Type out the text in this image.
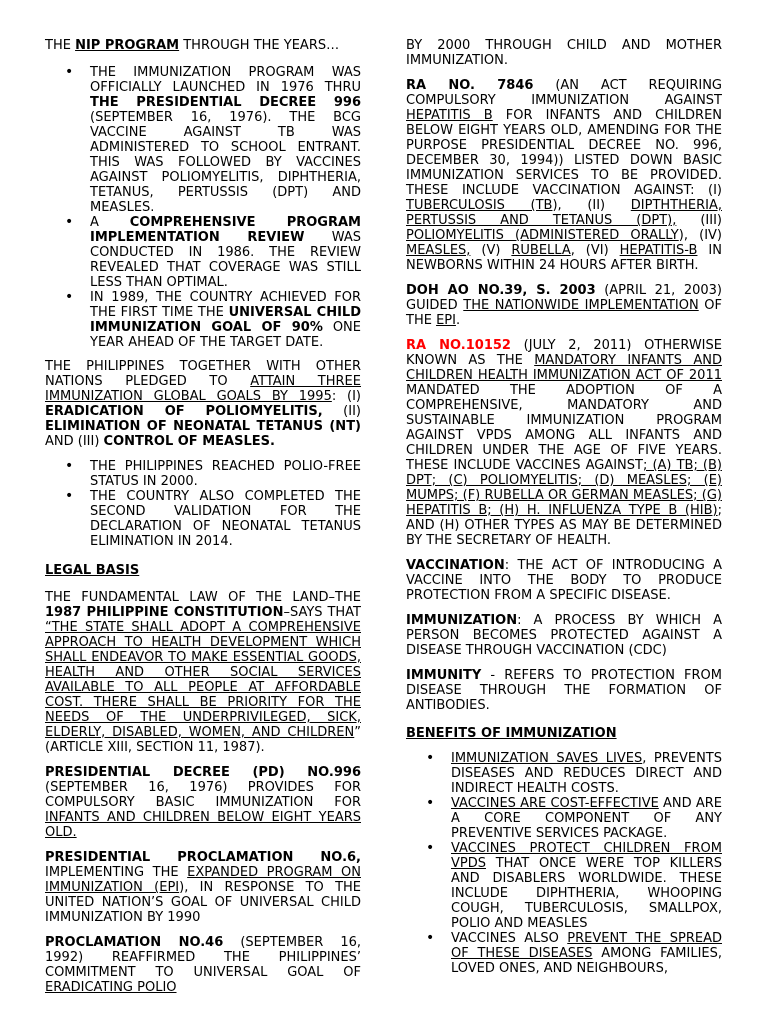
THE NIP PROGRAM THROUGH THE YEARS…

• THE IMMUNIZATION PROGRAM WAS OFFICIALLY LAUNCHED IN 1976 THRU THE PRESIDENTIAL DECREE 996 (SEPTEMBER 16, 1976). THE BCG VACCINE AGAINST TB WAS ADMINISTERED TO SCHOOL ENTRANT. THIS WAS FOLLOWED BY VACCINES AGAINST POLIOMYELITIS, DIPHTHERIA, TETANUS, PERTUSSIS (DPT) AND MEASLES.
• A COMPREHENSIVE PROGRAM IMPLEMENTATION REVIEW WAS CONDUCTED IN 1986. THE REVIEW REVEALED THAT COVERAGE WAS STILL LESS THAN OPTIMAL.
• IN 1989, THE COUNTRY ACHIEVED FOR THE FIRST TIME THE UNIVERSAL CHILD IMMUNIZATION GOAL OF 90% ONE YEAR AHEAD OF THE TARGET DATE.

THE PHILIPPINES TOGETHER WITH OTHER NATIONS PLEDGED TO ATTAIN THREE IMMUNIZATION GLOBAL GOALS BY 1995: (I) ERADICATION OF POLIOMYELITIS, (II) ELIMINATION OF NEONATAL TETANUS (NT) AND (III) CONTROL OF MEASLES.

• THE PHILIPPINES REACHED POLIO-FREE STATUS IN 2000.
• THE COUNTRY ALSO COMPLETED THE SECOND VALIDATION FOR THE DECLARATION OF NEONATAL TETANUS ELIMINATION IN 2014.

LEGAL BASIS

THE FUNDAMENTAL LAW OF THE LAND–THE 1987 PHILIPPINE CONSTITUTION–SAYS THAT “THE STATE SHALL ADOPT A COMPREHENSIVE APPROACH TO HEALTH DEVELOPMENT WHICH SHALL ENDEAVOR TO MAKE ESSENTIAL GOODS, HEALTH AND OTHER SOCIAL SERVICES AVAILABLE TO ALL PEOPLE AT AFFORDABLE COST. THERE SHALL BE PRIORITY FOR THE NEEDS OF THE UNDERPRIVILEGED, SICK, ELDERLY, DISABLED, WOMEN, AND CHILDREN” (ARTICLE XIII, SECTION 11, 1987).

PRESIDENTIAL DECREE (PD) NO.996 (SEPTEMBER 16, 1976) PROVIDES FOR COMPULSORY BASIC IMMUNIZATION FOR INFANTS AND CHILDREN BELOW EIGHT YEARS OLD.

PRESIDENTIAL PROCLAMATION NO.6, IMPLEMENTING THE EXPANDED PROGRAM ON IMMUNIZATION (EPI), IN RESPONSE TO THE UNITED NATION’S GOAL OF UNIVERSAL CHILD IMMUNIZATION BY 1990

PROCLAMATION NO.46 (SEPTEMBER 16, 1992) REAFFIRMED THE PHILIPPINES’ COMMITMENT TO UNIVERSAL GOAL OF ERADICATING POLIO

BY 2000 THROUGH CHILD AND MOTHER IMMUNIZATION.

RA NO. 7846 (AN ACT REQUIRING COMPULSORY IMMUNIZATION AGAINST HEPATITIS B FOR INFANTS AND CHILDREN BELOW EIGHT YEARS OLD, AMENDING FOR THE PURPOSE PRESIDENTIAL DECREE NO. 996, DECEMBER 30, 1994)) LISTED DOWN BASIC IMMUNIZATION SERVICES TO BE PROVIDED. THESE INCLUDE VACCINATION AGAINST: (I) TUBERCULOSIS (TB), (II) DIPTHTHERIA, PERTUSSIS AND TETANUS (DPT), (III) POLIOMYELITIS (ADMINISTERED ORALLY), (IV) MEASLES, (V) RUBELLA, (VI) HEPATITIS-B IN NEWBORNS WITHIN 24 HOURS AFTER BIRTH.

DOH AO NO.39, S. 2003 (APRIL 21, 2003) GUIDED THE NATIONWIDE IMPLEMENTATION OF THE EPI.

RA NO.10152 (JULY 2, 2011) OTHERWISE KNOWN AS THE MANDATORY INFANTS AND CHILDREN HEALTH IMMUNIZATION ACT OF 2011 MANDATED THE ADOPTION OF A COMPREHENSIVE, MANDATORY AND SUSTAINABLE IMMUNIZATION PROGRAM AGAINST VPDS AMONG ALL INFANTS AND CHILDREN UNDER THE AGE OF FIVE YEARS. THESE INCLUDE VACCINES AGAINST; (A) TB; (B) DPT; (C) POLIOMYELITIS; (D) MEASLES; (E) MUMPS; (F) RUBELLA OR GERMAN MEASLES; (G) HEPATITIS B; (H) H. INFLUENZA TYPE B (HIB); AND (H) OTHER TYPES AS MAY BE DETERMINED BY THE SECRETARY OF HEALTH.

VACCINATION: THE ACT OF INTRODUCING A VACCINE INTO THE BODY TO PRODUCE PROTECTION FROM A SPECIFIC DISEASE.

IMMUNIZATION: A PROCESS BY WHICH A PERSON BECOMES PROTECTED AGAINST A DISEASE THROUGH VACCINATION (CDC)

IMMUNITY - REFERS TO PROTECTION FROM DISEASE THROUGH THE FORMATION OF ANTIBODIES.

BENEFITS OF IMMUNIZATION

• IMMUNIZATION SAVES LIVES, PREVENTS DISEASES AND REDUCES DIRECT AND INDIRECT HEALTH COSTS.
• VACCINES ARE COST-EFFECTIVE AND ARE A CORE COMPONENT OF ANY PREVENTIVE SERVICES PACKAGE.
• VACCINES PROTECT CHILDREN FROM VPDS THAT ONCE WERE TOP KILLERS AND DISABLERS WORLDWIDE. THESE INCLUDE DIPHTHERIA, WHOOPING COUGH, TUBERCULOSIS, SMALLPOX, POLIO AND MEASLES
• VACCINES ALSO PREVENT THE SPREAD OF THESE DISEASES AMONG FAMILIES, LOVED ONES, AND NEIGHBOURS,
